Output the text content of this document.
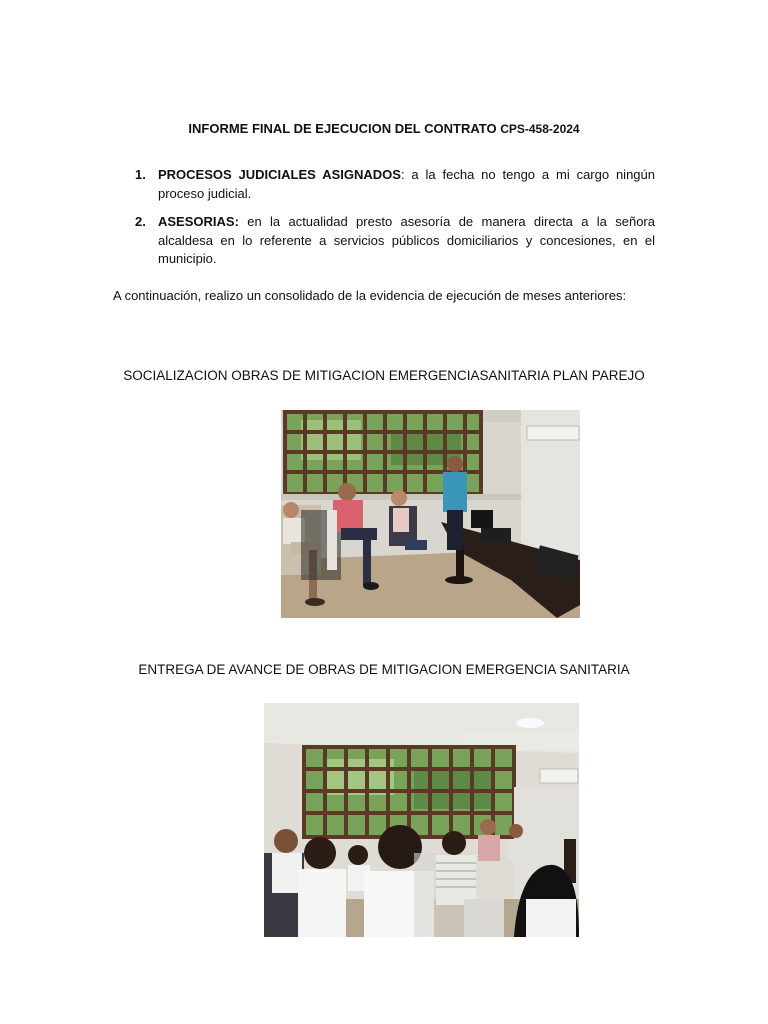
INFORME FINAL DE EJECUCION DEL CONTRATO CPS-458-2024
1. PROCESOS JUDICIALES ASIGNADOS: a la fecha no tengo a mi cargo ningún proceso judicial.
2. ASESORIAS: en la actualidad presto asesoría de manera directa a la señora alcaldesa en lo referente a servicios públicos domiciliarios y concesiones, en el municipio.

A continuación, realizo un consolidado de la evidencia de ejecución de meses anteriores:

SOCIALIZACION OBRAS DE MITIGACION EMERGENCIASANITARIA PLAN PAREJO

ENTREGA DE AVANCE DE OBRAS DE MITIGACION EMERGENCIA SANITARIA
